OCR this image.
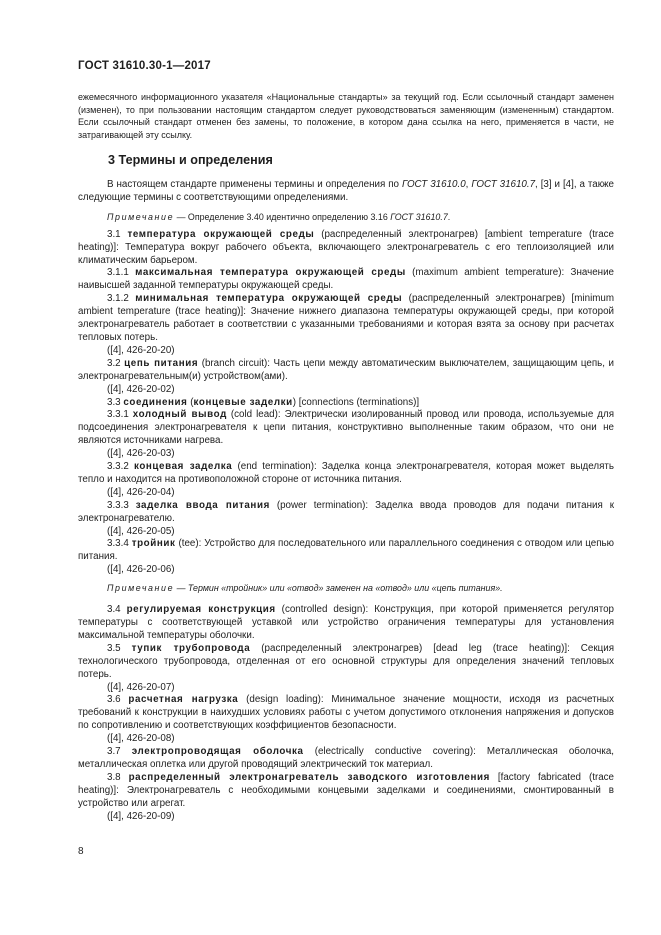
ГОСТ 31610.30-1—2017
ежемесячного информационного указателя «Национальные стандарты» за текущий год. Если ссылочный стандарт заменен (изменен), то при пользовании настоящим стандартом следует руководствоваться заменяющим (измененным) стандартом. Если ссылочный стандарт отменен без замены, то положение, в котором дана ссылка на него, применяется в части, не затрагивающей эту ссылку.
3 Термины и определения

В настоящем стандарте применены термины и определения по ГОСТ 31610.0, ГОСТ 31610.7, [3] и [4], а также следующие термины с соответствующими определениями.

Примечание — Определение 3.40 идентично определению 3.16 ГОСТ 31610.7.

3.1 температура окружающей среды (распределенный электронагрев) [ambient temperature (trace heating)]: Температура вокруг рабочего объекта, включающего электронагреватель с его теплоизоляцией или климатическим барьером.

3.1.1 максимальная температура окружающей среды (maximum ambient temperature): Значение наивысшей заданной температуры окружающей среды.

3.1.2 минимальная температура окружающей среды (распределенный электронагрев) [minimum ambient temperature (trace heating)]: Значение нижнего диапазона температуры окружающей среды, при которой электронагреватель работает в соответствии с указанными требованиями и которая взята за основу при расчетах тепловых потерь.

([4], 426-20-20)

3.2 цепь питания (branch circuit): Часть цепи между автоматическим выключателем, защищающим цепь, и электронагревательным(и) устройством(ами).

([4], 426-20-02)

3.3 соединения (концевые заделки) [connections (terminations)]

3.3.1 холодный вывод (cold lead): Электрически изолированный провод или провода, используемые для подсоединения электронагревателя к цепи питания, конструктивно выполненные таким образом, что они не являются источниками нагрева.

([4], 426-20-03)

3.3.2 концевая заделка (end termination): Заделка конца электронагревателя, которая может выделять тепло и находится на противоположной стороне от источника питания.

([4], 426-20-04)

3.3.3 заделка ввода питания (power termination): Заделка ввода проводов для подачи питания к электронагревателю.

([4], 426-20-05)

3.3.4 тройник (tee): Устройство для последовательного или параллельного соединения с отводом или цепью питания.

([4], 426-20-06)

Примечание — Термин «тройник» или «отвод» заменен на «отвод» или «цепь питания».

3.4 регулируемая конструкция (controlled design): Конструкция, при которой применяется регулятор температуры с соответствующей уставкой или устройство ограничения температуры для установления максимальной температуры оболочки.

3.5 тупик трубопровода (распределенный электронагрев) [dead leg (trace heating)]: Секция технологического трубопровода, отделенная от его основной структуры для определения значений тепловых потерь.

([4], 426-20-07)

3.6 расчетная нагрузка (design loading): Минимальное значение мощности, исходя из расчетных требований к конструкции в наихудших условиях работы с учетом допустимого отклонения напряжения и допусков по сопротивлению и соответствующих коэффициентов безопасности.

([4], 426-20-08)

3.7 электропроводящая оболочка (electrically conductive covering): Металлическая оболочка, металлическая оплетка или другой проводящий электрический ток материал.

3.8 распределенный электронагреватель заводского изготовления [factory fabricated (trace heating)]: Электронагреватель с необходимыми концевыми заделками и соединениями, смонтированный в устройство или агрегат.

([4], 426-20-09)

8
